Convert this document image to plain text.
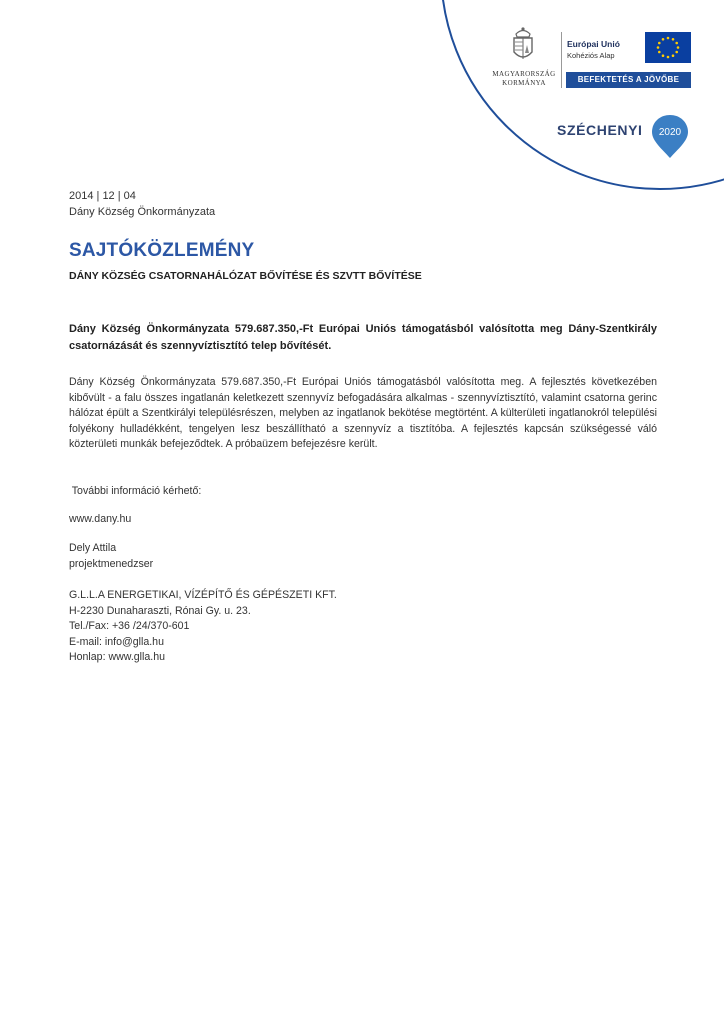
MAGYARORSZÁG
KORMÁNYA
Európai Unió
Kohéziós Alap
BEFEKTETÉS A JÖVŐBE
SZÉCHENYI 2020
2014 | 12 | 04
Dány Község Önkormányzata
SAJTÓKÖZLEMÉNY
DÁNY KÖZSÉG CSATORNAHÁLÓZAT BŐVÍTÉSE ÉS SZVTT BŐVÍTÉSE

Dány Község Önkormányzata 579.687.350,-Ft Európai Uniós támogatásból valósította meg Dány-Szentkirály csatornázását és szennyvíztisztító telep bővítését.

Dány Község Önkormányzata 579.687.350,-Ft Európai Uniós támogatásból valósította meg. A fejlesztés következében kibővült - a falu összes ingatlanán keletkezett szennyvíz befogadására alkalmas - szennyvíztisztító, valamint csatorna gerinc hálózat épült a Szentkirályi településrészen, melyben az ingatlanok bekötése megtörtént. A külterületi ingatlanokról települési folyékony hulladékként, tengelyen lesz beszállítható a szennyvíz a tisztítóba. A fejlesztés kapcsán szükségessé váló közterületi munkák befejeződtek. A próbaüzem befejezésre került.

További információ kérhető:
www.dany.hu
Dely Attila
projektmenedzser
G.L.L.A ENERGETIKAI, VÍZÉPÍTŐ ÉS GÉPÉSZETI KFT.
H-2230 Dunaharaszti, Rónai Gy. u. 23.
Tel./Fax: +36 /24/370-601
E-mail: info@glla.hu
Honlap: www.glla.hu
